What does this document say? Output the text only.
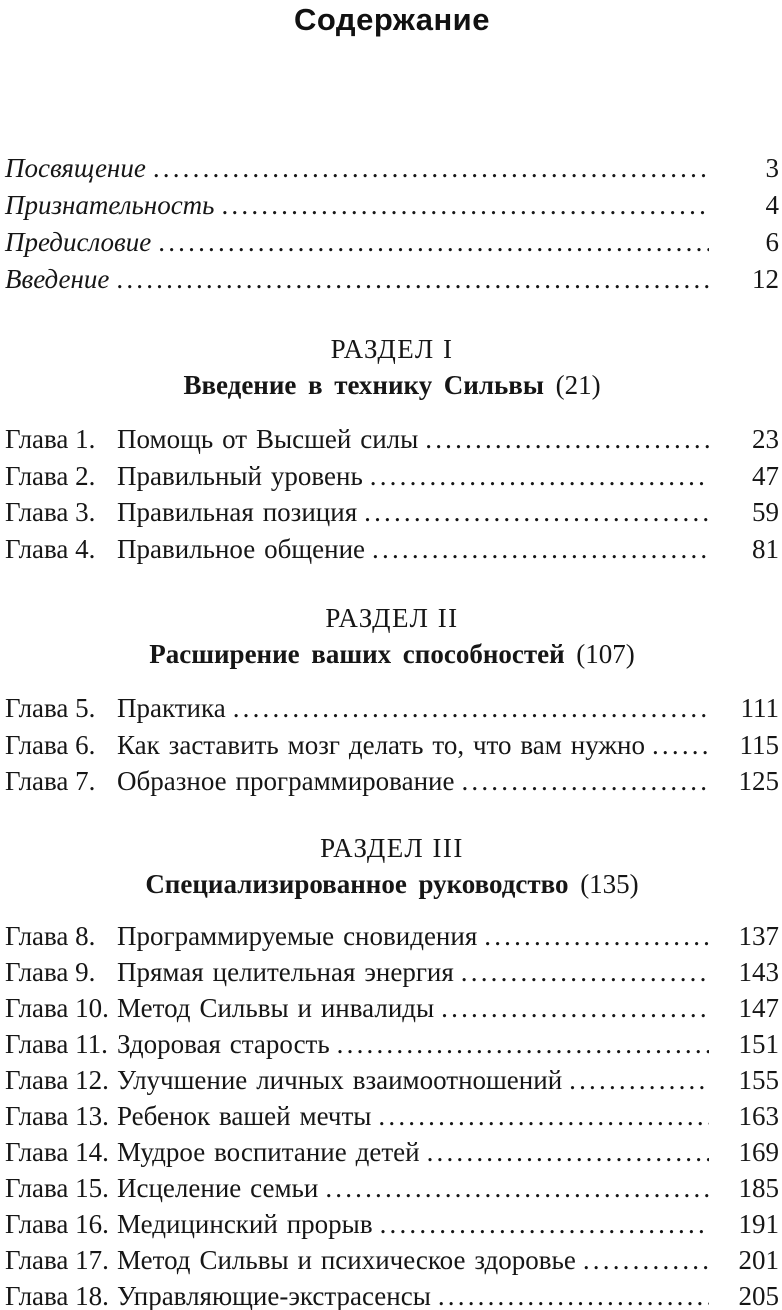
Содержание
Посвящение .....	3
Признательность .....	4
Предисловие .....	6
Введение .....	12
РАЗДЕЛ I
Введение в технику Сильвы (21)
Глава 1. Помощь от Высшей силы .....	23
Глава 2. Правильный уровень .....	47
Глава 3. Правильная позиция .....	59
Глава 4. Правильное общение .....	81
РАЗДЕЛ II
Расширение ваших способностей (107)
Глава 5. Практика .....	111
Глава 6. Как заставить мозг делать то, что вам нужно .....	115
Глава 7. Образное программирование .....	125
РАЗДЕЛ III
Специализированное руководство (135)
Глава 8. Программируемые сновидения .....	137
Глава 9. Прямая целительная энергия .....	143
Глава 10. Метод Сильвы и инвалиды .....	147
Глава 11. Здоровая старость .....	151
Глава 12. Улучшение личных взаимоотношений .....	155
Глава 13. Ребенок вашей мечты .....	163
Глава 14. Мудрое воспитание детей .....	169
Глава 15. Исцеление семьи .....	185
Глава 16. Медицинский прорыв .....	191
Глава 17. Метод Сильвы и психическое здоровье .....	201
Глава 18. Управляющие-экстрасенсы .....	205
